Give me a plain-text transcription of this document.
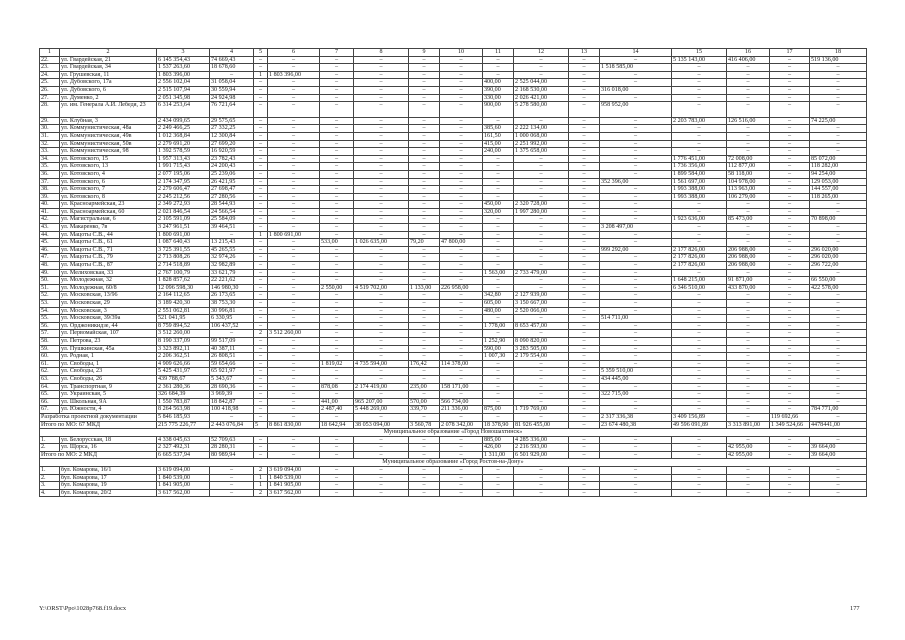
1	2	3	4	5	6	7	8	9	10	11	12	13	14	15	16	17	18
22.	ул. Гвардейская, 21	6 145 354,43	74 669,43	–	–	–	–	–	–	–	–	–	–	5 135 143,00	416 406,00	–	519 136,00
23.	ул. Гвардейская, 34	1 537 263,60	18 678,60	–	–	–	–	–	–	–	–	–	1 518 585,00	–	–	–	–
24.	ул. Грушевская, 11	1 803 396,00	–	1	1 803 396,00	–	–	–	–	–	–	–	–	–	–	–	–
25.	ул. Дубовского, 17а	2 556 102,04	31 058,04	–	–	–	–	–	–	400,00	2 525 044,00	–	–	–	–	–	–
26.	ул. Дубовского, 6	2 515 107,94	30 559,94	–	–	–	–	–	–	390,00	2 168 530,00	–	316 018,00	–	–	–	–
27.	ул. Думенко, 2	2 051 345,98	24 924,98	–	–	–	–	–	–	330,00	2 026 421,00	–	–	–	–	–	–
28.	ул. им. Генерала А.И. Лебедя, 23	6 314 253,64	76 721,64	–	–	–	–	–	–	900,00	5 278 580,00	–	958 952,00	–	–	–	–
29.	ул. Клубная, 3	2 434 099,65	29 575,65	–	–	–	–	–	–	–	–	–	–	2 203 783,00	126 516,00	–	74 225,00
30.	ул. Коммунистическая, 48а	2 249 466,25	27 332,25	–	–	–	–	–	–	385,60	2 222 134,00	–	–	–	–	–	–
31.	ул. Коммунистическая, 49в	1 012 368,84	12 300,84	–	–	–	–	–	–	161,50	1 000 068,00	–	–	–	–	–	–
32.	ул. Коммунистическая, 50в	2 279 691,20	27 699,20	–	–	–	–	–	–	415,00	2 251 992,00	–	–	–	–	–	–
33.	ул. Коммунистическая, 98	1 392 578,59	16 920,59	–	–	–	–	–	–	240,00	1 375 658,00	–	–	–	–	–	–
34.	ул. Котовского, 15	1 957 313,43	23 782,43	–	–	–	–	–	–	–	–	–	–	1 776 451,00	72 008,00	–	85 072,00
35.	ул. Котовского, 13	1 991 715,43	24 200,43	–	–	–	–	–	–	–	–	–	–	1 736 356,00	112 877,00	–	118 282,00
36.	ул. Котовского, 4	2 077 195,06	25 239,06	–	–	–	–	–	–	–	–	–	–	1 899 584,00	58 118,00	–	94 254,00
37.	ул. Котовского, 6	2 174 347,95	26 421,95	–	–	–	–	–	–	–	–	–	352 396,00	1 561 697,00	104 978,00	–	129 053,00
38.	ул. Котовского, 7	2 279 606,47	27 698,47	–	–	–	–	–	–	–	–	–	–	1 993 388,00	113 963,00	–	144 557,00
39.	ул. Котовского, 8	2 245 212,56	27 280,56	–	–	–	–	–	–	–	–	–	–	1 993 388,00	106 279,00	–	118 265,00
40.	ул. Красноармейская, 23	2 349 272,93	28 544,93	–	–	–	–	–	–	450,00	2 320 728,00	–	–	–	–	–	–
41.	ул. Красноармейская, 60	2 021 846,54	24 566,54	–	–	–	–	–	–	320,00	1 997 280,00	–	–	–	–	–	–
42.	ул. Магистральная, 6	2 105 591,09	25 584,09	–	–	–	–	–	–	–	–	–	–	1 923 636,00	85 473,00	–	70 898,00
43.	ул. Макаренко, 7в	3 247 961,51	39 464,51	–	–	–	–	–	–	–	–	–	3 208 497,00	–	–	–	–
44.	ул. Мацоты С.В., 44	1 800 691,00	–	1	1 800 691,00	–	–	–	–	–	–	–	–	–	–	–	–
45.	ул. Мацоты С.В., 61	1 087 640,43	13 215,43	–	–	533,00	1 026 635,00	79,20	47 800,00	–	–	–	–	–	–	–	–
46.	ул. Мацоты С.В., 71	3 725 391,55	45 265,55	–	–	–	–	–	–	–	–	–	999 292,00	2 177 826,00	206 988,00	–	296 020,00
47.	ул. Мацоты С.В., 79	2 713 808,26	32 974,26	–	–	–	–	–	–	–	–	–	–	2 177 826,00	206 988,00	–	296 020,00
48.	ул. Мацоты С.В., 87	2 714 518,89	32 982,89	–	–	–	–	–	–	–	–	–	–	2 177 826,00	206 988,00	–	296 722,00
49.	ул. Мелиховская, 33	2 767 100,79	33 621,79	–	–	–	–	–	–	1 563,00	2 733 479,00	–	–	–	–	–	–
50.	ул. Молодежная, 32	1 828 857,62	22 221,62	–	–	–	–	–	–	–	–	–	–	1 648 215,00	91 871,00	–	66 550,00
51.	ул. Молодежная, 60/8	12 096 598,30	146 980,30	–	–	2 550,00	4 519 702,00	1 133,00	226 958,00	–	–	–	–	6 346 510,00	433 870,00	–	422 578,00
52.	ул. Московская, 13/96	2 164 112,65	26 173,65	–	–	–	–	–	–	342,80	2 127 939,00	–	–	–	–	–	–
53.	ул. Московская, 29	3 189 420,30	38 753,30	–	–	–	–	–	–	605,00	3 150 667,00	–	–	–	–	–	–
54.	ул. Московская, 3	2 551 062,81	30 996,81	–	–	–	–	–	–	480,00	2 520 066,00	–	–	–	–	–	–
55.	ул. Московская, 39/39а	521 041,95	6 330,95	–	–	–	–	–	–	–	–	–	514 711,00	–	–	–	–
56.	ул. Орджоникидзе, 44	8 759 894,52	106 437,52	–	–	–	–	–	–	1 778,00	8 653 457,00	–	–	–	–	–	–
57.	ул. Первомайская, 107	3 512 260,00	–	2	3 512 260,00	–	–	–	–	–	–	–	–	–	–	–	–
58.	ул. Петрова, 23	8 190 337,09	99 517,09	–	–	–	–	–	–	1 252,90	8 090 820,00	–	–	–	–	–	–
59.	ул. Пушкинская, 45а	3 323 892,11	40 387,11	–	–	–	–	–	–	590,00	3 283 505,00	–	–	–	–	–	–
60.	ул. Родная, 1	2 206 362,51	26 808,51	–	–	–	–	–	–	1 007,30	2 179 554,00	–	–	–	–	–	–
61.	ул. Свободы, 1	4 909 626,66	59 654,66	–	–	1 819,02	4 735 594,00	176,42	114 378,00	–	–	–	–	–	–	–	–
62.	ул. Свободы, 23	5 425 431,97	65 921,97	–	–	–	–	–	–	–	–	–	5 359 510,00	–	–	–	–
63.	ул. Свободы, 26	439 788,67	5 343,67	–	–	–	–	–	–	–	–	–	434 445,00	–	–	–	–
64.	ул. Транспортная, 9	2 361 280,36	28 690,36	–	–	878,08	2 174 419,00	235,00	158 171,00	–	–	–	–	–	–	–	–
65.	ул. Украинская, 5	326 684,39	3 969,39	–	–	–	–	–	–	–	–	–	322 715,00	–	–	–	–
66.	ул. Школьная, 9А	1 550 783,87	18 842,87	–	–	441,00	965 207,00	570,00	566 734,00	–	–	–	–	–	–	–	–
67.	ул. Южности, 4	8 264 563,98	100 418,98	–	–	2 487,40	5 448 269,00	339,70	211 336,00	875,00	1 719 769,00	–	–	–	–	–	784 771,00
Разработка проектной документации		5 846 185,93	–	–	–	–	–	–	–	–	–	–	2 317 336,38	3 409 156,89	–	119 692,66	–
Итого по МО: 67 МКД		215 775 226,77	2 443 076,84	5	8 861 830,00	18 642,94	38 053 094,00	3 560,78	2 078 342,00	18 378,90	81 926 455,00	–	23 674 480,38	49 596 091,89	3 313 891,00	1 349 524,66	4478441,00
Муниципальное образование «Город Новошахтинск»																	
1.	ул. Белорусская, 18	4 338 045,63	52 709,63	–	–	–	–	–	–	885,00	4 285 336,00	–	–	–	–	–	–
2.	ул. Щорса, 16	2 327 492,31	28 280,31	–	–	–	–	–	–	426,00	2 216 593,00	–	–	–	42 955,00	–	39 664,00
Итого по МО: 2 МКД		6 665 537,94	80 989,94	–	–	–	–	–	–	1 311,00	6 501 929,00	–	–	–	42 955,00	–	39 664,00
Муниципальное образование «Город Ростов-на-Дону»																	
1.	бул. Комарова, 16/1	3 619 094,00	–	2	3 619 094,00	–	–	–	–	–	–	–	–	–	–	–	–
2.	бул. Комарова, 17	1 840 539,00	–	1	1 840 539,00	–	–	–	–	–	–	–	–	–	–	–	–
3.	бул. Комарова, 19	1 841 905,00	–	1	1 841 905,00	–	–	–	–	–	–	–	–	–	–	–	–
4.	бул. Комарова, 20/2	3 617 562,00	–	2	3 617 562,00	–	–	–	–	–	–	–	–	–	–	–	–
Y:\ORST\Ppo\1028p768.f19.docx	177
